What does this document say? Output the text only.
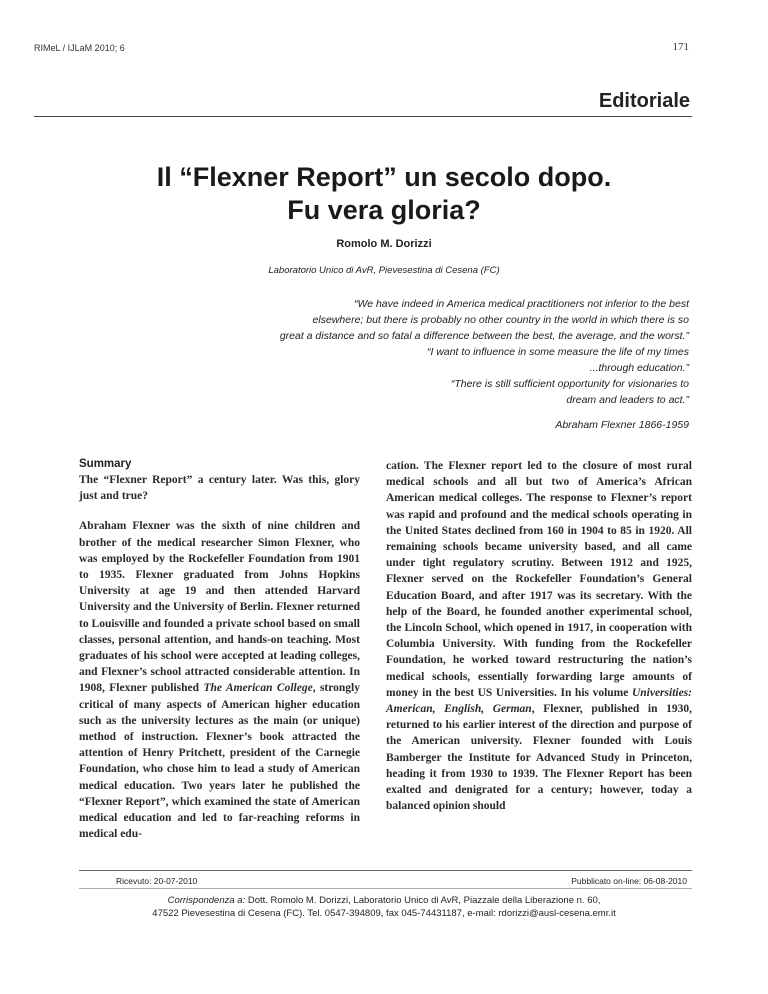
RIMeL / IJLaM 2010; 6	171
Editoriale
Il “Flexner Report” un secolo dopo.
Fu vera gloria?
Romolo M. Dorizzi
Laboratorio Unico di AvR, Pievesestina di Cesena (FC)
“We have indeed in America medical practitioners not inferior to the best
elsewhere; but there is probably no other country in the world in which there is so
great a distance and so fatal a difference between the best, the average, and the worst.”
“I want to influence in some measure the life of my times
...through education.”
“There is still sufficient opportunity for visionaries to
dream and leaders to act.”
Abraham Flexner 1866-1959
Summary

The “Flexner Report” a century later. Was this, glory just and true?

Abraham Flexner was the sixth of nine children and brother of the medical researcher Simon Flexner, who was employed by the Rockefeller Foundation from 1901 to 1935. Flexner graduated from Johns Hopkins University at age 19 and then attended Harvard University and the University of Berlin. Flexner returned to Louisville and founded a private school based on small classes, personal attention, and hands-on teaching. Most graduates of his school were accepted at leading colleges, and Flexner’s school attracted considerable attention. In 1908, Flexner published The American College, strongly critical of many aspects of American higher education such as the university lectures as the main (or unique) method of instruction. Flexner’s book attracted the attention of Henry Pritchett, president of the Carnegie Foundation, who chose him to lead a study of American medical education. Two years later he published the “Flexner Report”, which examined the state of American medical education and led to far-reaching reforms in medical edu-

cation. The Flexner report led to the closure of most rural medical schools and all but two of America’s African American medical colleges. The response to Flexner’s report was rapid and profound and the medical schools operating in the United States declined from 160 in 1904 to 85 in 1920. All remaining schools became university based, and all came under tight regulatory scrutiny. Between 1912 and 1925, Flexner served on the Rockefeller Foundation’s General Education Board, and after 1917 was its secretary. With the help of the Board, he founded another experimental school, the Lincoln School, which opened in 1917, in cooperation with Columbia University. With funding from the Rockefeller Foundation, he worked toward restructuring the nation’s medical schools, essentially forwarding large amounts of money in the best US Universities. In his volume Universities: American, English, German, Flexner, published in 1930, returned to his earlier interest of the direction and purpose of the American university. Flexner founded with Louis Bamberger the Institute for Advanced Study in Princeton, heading it from 1930 to 1939. The Flexner Report has been exalted and denigrated for a century; however, today a balanced opinion should

Ricevuto: 20-07-2010	Pubblicato on-line: 06-08-2010
Corrispondenza a: Dott. Romolo M. Dorizzi, Laboratorio Unico di AvR, Piazzale della Liberazione n. 60,
47522 Pievesestina di Cesena (FC). Tel. 0547-394809, fax 045-74431187, e-mail: rdorizzi@ausl-cesena.emr.it
